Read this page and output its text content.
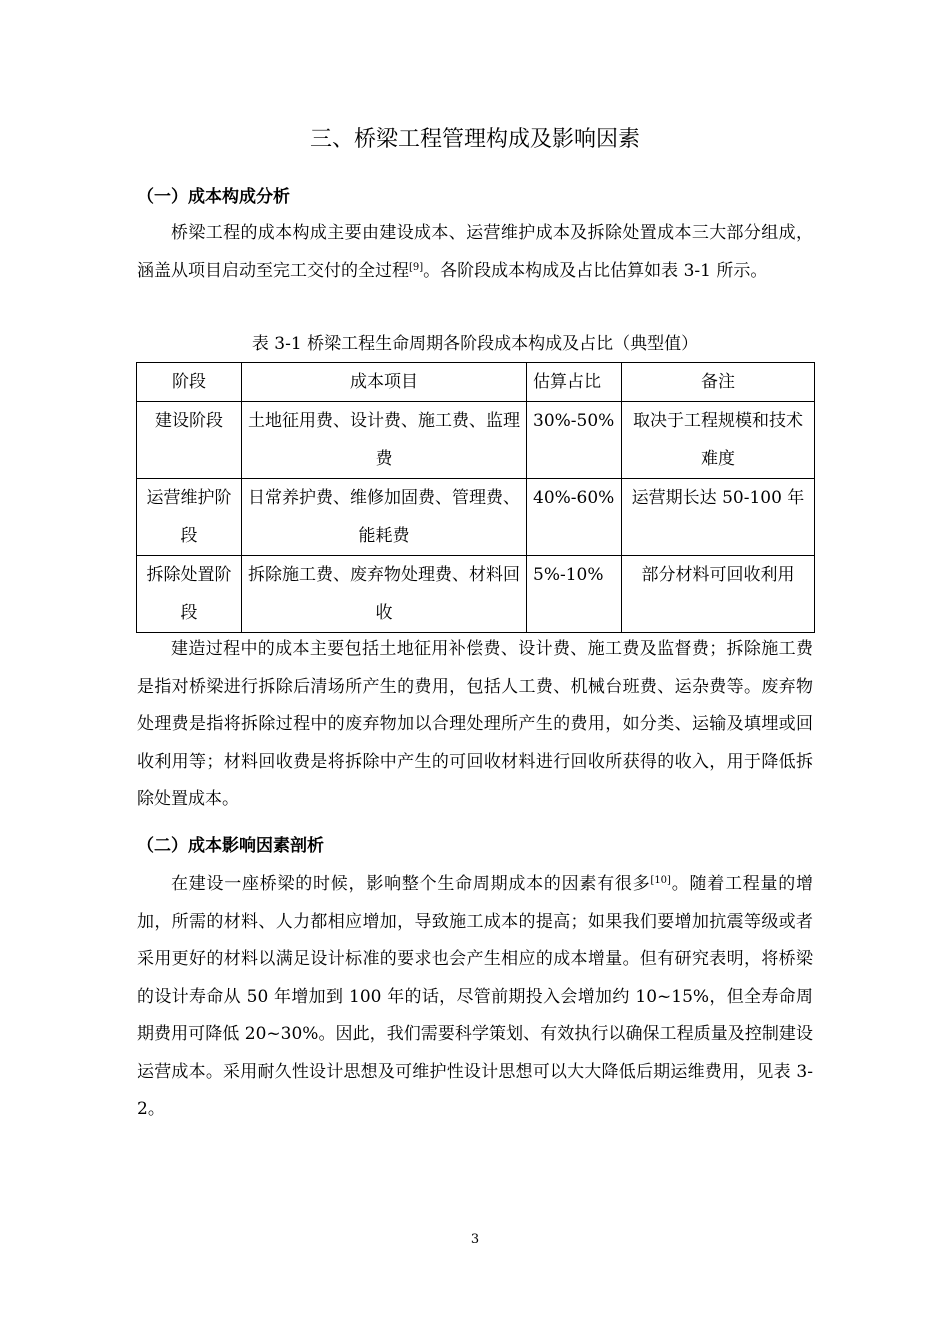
三、桥梁工程管理构成及影响因素
（一）成本构成分析

桥梁工程的成本构成主要由建设成本、运营维护成本及拆除处置成本三大部分组成，涵盖从项目启动至完工交付的全过程[9]。各阶段成本构成及占比估算如表 3-1 所示。

表 3-1 桥梁工程生命周期各阶段成本构成及占比（典型值）

阶段	成本项目	估算占比	备注
建设阶段	土地征用费、设计费、施工费、监理费	30%-50%	取决于工程规模和技术难度
运营维护阶段	日常养护费、维修加固费、管理费、能耗费	40%-60%	运营期长达 50-100 年
拆除处置阶段	拆除施工费、废弃物处理费、材料回收	5%-10%	部分材料可回收利用

建造过程中的成本主要包括土地征用补偿费、设计费、施工费及监督费；拆除施工费是指对桥梁进行拆除后清场所产生的费用，包括人工费、机械台班费、运杂费等。废弃物处理费是指将拆除过程中的废弃物加以合理处理所产生的费用，如分类、运输及填埋或回收利用等；材料回收费是将拆除中产生的可回收材料进行回收所获得的收入，用于降低拆除处置成本。

（二）成本影响因素剖析

在建设一座桥梁的时候，影响整个生命周期成本的因素有很多[10]。随着工程量的增加，所需的材料、人力都相应增加，导致施工成本的提高；如果我们要增加抗震等级或者采用更好的材料以满足设计标准的要求也会产生相应的成本增量。但有研究表明，将桥梁的设计寿命从 50 年增加到 100 年的话，尽管前期投入会增加约 10~15%，但全寿命周期费用可降低 20~30%。因此，我们需要科学策划、有效执行以确保工程质量及控制建设运营成本。采用耐久性设计思想及可维护性设计思想可以大大降低后期运维费用，见表 3-2。

3
